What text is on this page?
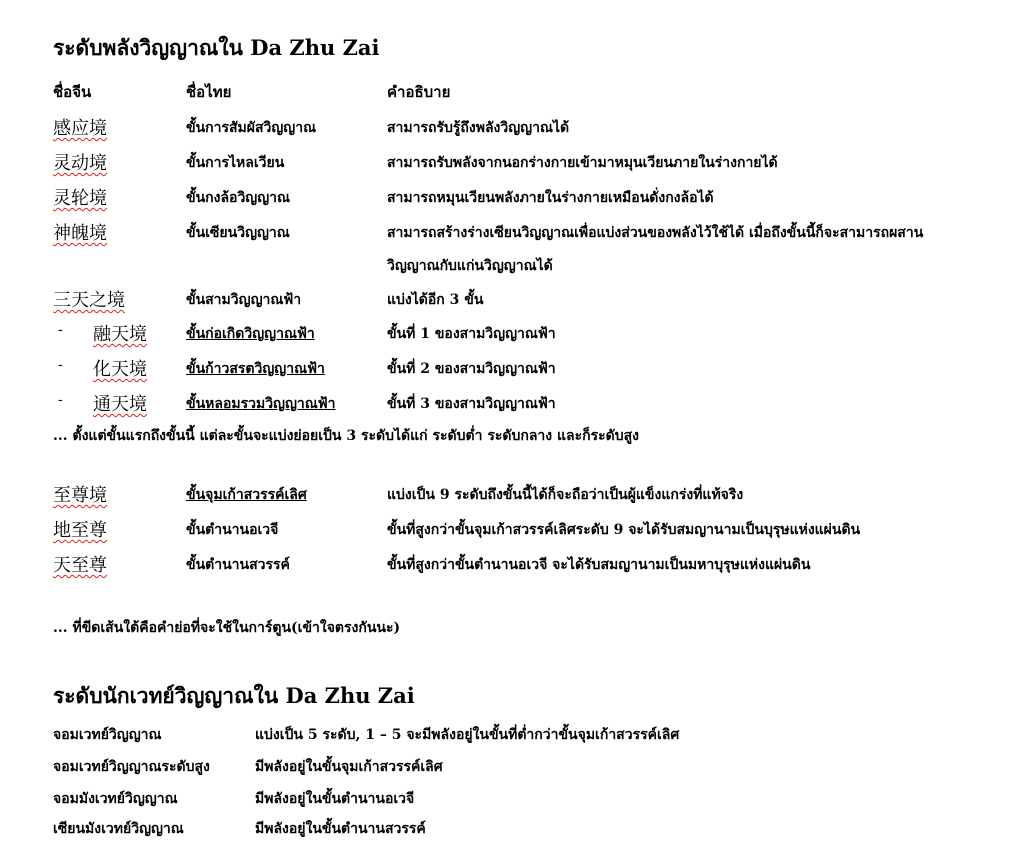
ระดับพลังวิญญาณใน Da Zhu Zai
ชื่อจีน	ชื่อไทย	คำอธิบาย
感应境	ขั้นการสัมผัสวิญญาณ	สามารถรับรู้ถึงพลังวิญญาณได้
灵动境	ขั้นการไหลเวียน	สามารถรับพลังจากนอกร่างกายเข้ามาหมุนเวียนภายในร่างกายได้
灵轮境	ขั้นกงล้อวิญญาณ	สามารถหมุนเวียนพลังภายในร่างกายเหมือนดั่งกงล้อได้
神魄境	ขั้นเซียนวิญญาณ	สามารถสร้างร่างเซียนวิญญาณเพื่อแบ่งส่วนของพลังไว้ใช้ได้ เมื่อถึงขั้นนี้ก็จะสามารถผสาน
วิญญาณกับแก่นวิญญาณได้
三天之境	ขั้นสามวิญญาณฟ้า	แบ่งได้อีก 3 ขั้น
- 融天境	ขั้นก่อเกิดวิญญาณฟ้า	ขั้นที่ 1 ของสามวิญญาณฟ้า
- 化天境	ขั้นก้าวสรตวิญญาณฟ้า	ขั้นที่ 2 ของสามวิญญาณฟ้า
- 通天境	ขั้นหลอมรวมวิญญาณฟ้า	ขั้นที่ 3 ของสามวิญญาณฟ้า
... ตั้งแต่ขั้นแรกถึงขั้นนี้ แต่ละขั้นจะแบ่งย่อยเป็น 3 ระดับได้แก่ ระดับต่ำ ระดับกลาง และก็ระดับสูง
至尊境	ขั้นจุมเก้าสวรรค์เลิศ	แบ่งเป็น 9 ระดับถึงขั้นนี้ได้ก็จะถือว่าเป็นผู้แข็งแกร่งที่แท้จริง
地至尊	ขั้นตำนานอเวจี	ขั้นที่สูงกว่าขั้นจุมเก้าสวรรค์เลิศระดับ 9 จะได้รับสมญานามเป็นบุรุษแห่งแผ่นดิน
天至尊	ขั้นตำนานสวรรค์	ขั้นที่สูงกว่าขั้นตำนานอเวจี จะได้รับสมญานามเป็นมหาบุรุษแห่งแผ่นดิน
... ที่ขีดเส้นใต้คือคำย่อที่จะใช้ในการ์ตูน(เข้าใจตรงกันนะ)
ระดับนักเวทย์วิญญาณใน Da Zhu Zai
จอมเวทย์วิญญาณ	แบ่งเป็น 5 ระดับ, 1 – 5 จะมีพลังอยู่ในขั้นที่ต่ำกว่าขั้นจุมเก้าสวรรค์เลิศ
จอมเวทย์วิญญาณระดับสูง	มีพลังอยู่ในขั้นจุมเก้าสวรรค์เลิศ
จอมมังเวทย์วิญญาณ	มีพลังอยู่ในขั้นตำนานอเวจี
เซียนมังเวทย์วิญญาณ	มีพลังอยู่ในขั้นตำนานสวรรค์
